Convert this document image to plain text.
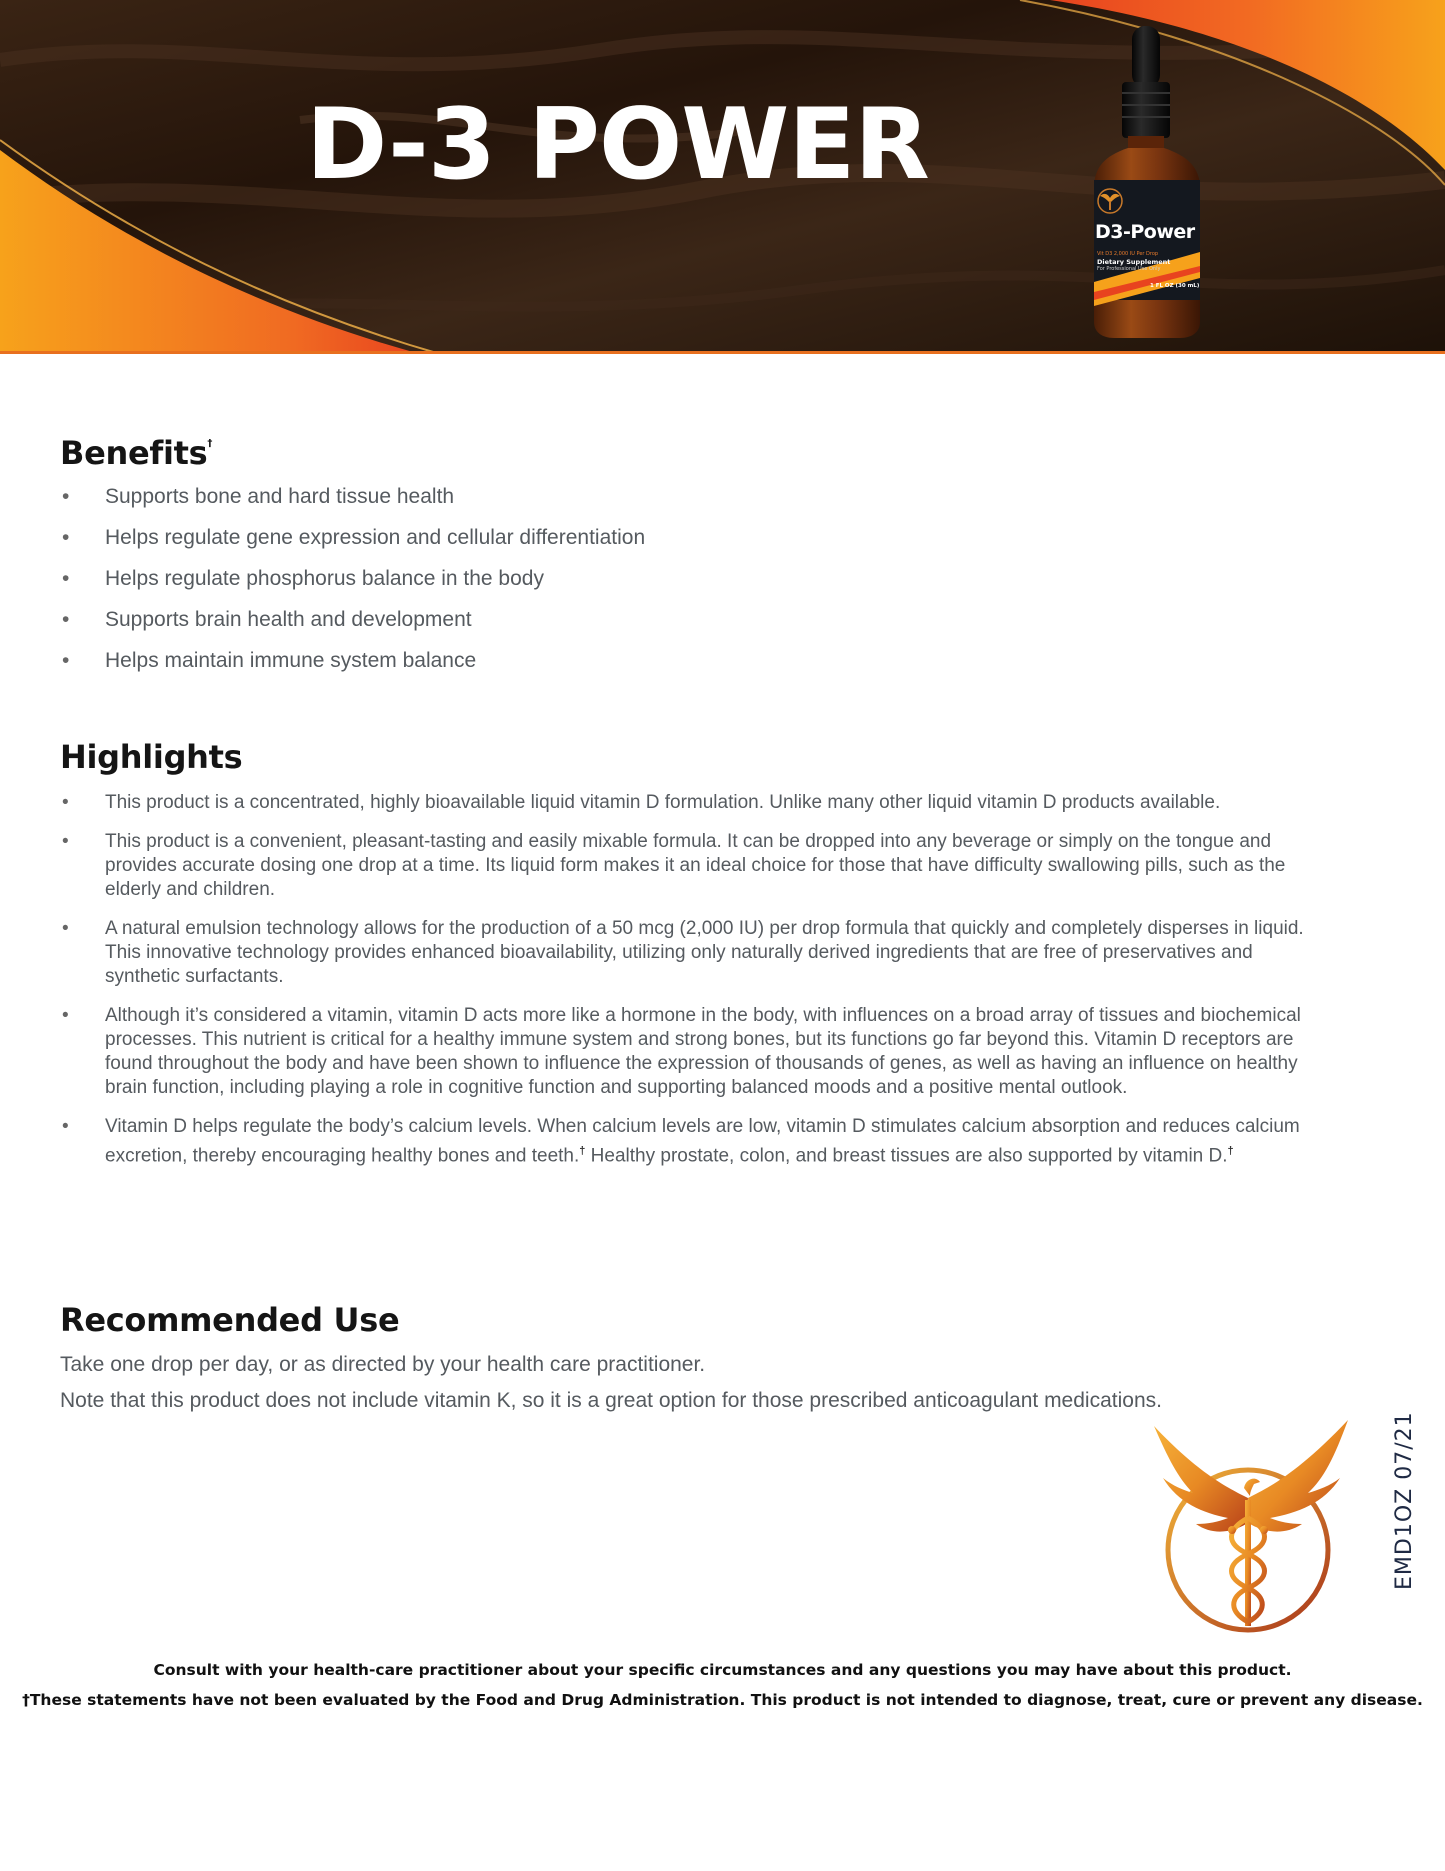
D-3 POWER
D3-Power
Vit D3 2,000 IU Per Drop
Dietary Supplement
For Professional Use Only
1 FL OZ (30 mL)
Benefits†
• Supports bone and hard tissue health
• Helps regulate gene expression and cellular differentiation
• Helps regulate phosphorus balance in the body
• Supports brain health and development
• Helps maintain immune system balance
Highlights
• This product is a concentrated, highly bioavailable liquid vitamin D formulation. Unlike many other liquid vitamin D products available.
• This product is a convenient, pleasant-tasting and easily mixable formula. It can be dropped into any beverage or simply on the tongue and provides accurate dosing one drop at a time. Its liquid form makes it an ideal choice for those that have difficulty swallowing pills, such as the elderly and children.
• A natural emulsion technology allows for the production of a 50 mcg (2,000 IU) per drop formula that quickly and completely disperses in liquid. This innovative technology provides enhanced bioavailability, utilizing only naturally derived ingredients that are free of preservatives and synthetic surfactants.
• Although it’s considered a vitamin, vitamin D acts more like a hormone in the body, with influences on a broad array of tissues and biochemical processes. This nutrient is critical for a healthy immune system and strong bones, but its functions go far beyond this. Vitamin D receptors are found throughout the body and have been shown to influence the expression of thousands of genes, as well as having an influence on healthy brain function, including playing a role in cognitive function and supporting balanced moods and a positive mental outlook.
• Vitamin D helps regulate the body’s calcium levels. When calcium levels are low, vitamin D stimulates calcium absorption and reduces calcium excretion, thereby encouraging healthy bones and teeth.† Healthy prostate, colon, and breast tissues are also supported by vitamin D.†
Recommended Use

Take one drop per day, or as directed by your health care practitioner.

Note that this product does not include vitamin K, so it is a great option for those prescribed anticoagulant medications.

EMD1OZ 07/21
Consult with your health-care practitioner about your specific circumstances and any questions you may have about this product.
†These statements have not been evaluated by the Food and Drug Administration. This product is not intended to diagnose, treat, cure or prevent any disease.
